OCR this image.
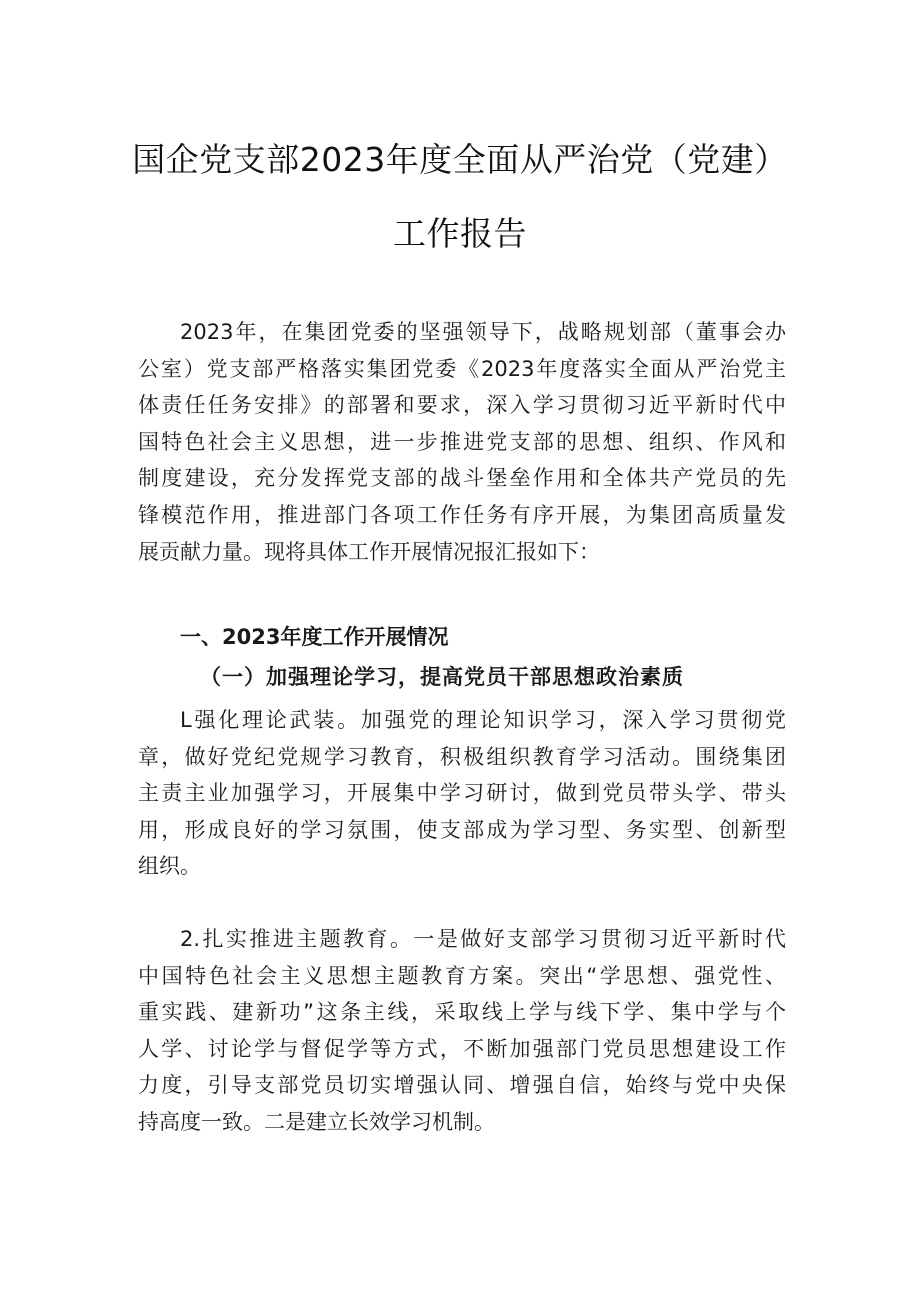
国企党支部2023年度全面从严治党（党建）
工作报告
2023年，在集团党委的坚强领导下，战略规划部（董事会办
公室）党支部严格落实集团党委《2023年度落实全面从严治党主
体责任任务安排》的部署和要求，深入学习贯彻习近平新时代中
国特色社会主义思想，进一步推进党支部的思想、组织、作风和
制度建设，充分发挥党支部的战斗堡垒作用和全体共产党员的先
锋模范作用，推进部门各项工作任务有序开展，为集团高质量发
展贡献力量。现将具体工作开展情况报汇报如下：
一、2023年度工作开展情况
（一）加强理论学习，提高党员干部思想政治素质
L强化理论武装。加强党的理论知识学习，深入学习贯彻党
章，做好党纪党规学习教育，积极组织教育学习活动。围绕集团
主责主业加强学习，开展集中学习研讨，做到党员带头学、带头
用，形成良好的学习氛围，使支部成为学习型、务实型、创新型
组织。
2.扎实推进主题教育。一是做好支部学习贯彻习近平新时代
中国特色社会主义思想主题教育方案。突出“学思想、强党性、
重实践、建新功”这条主线，采取线上学与线下学、集中学与个
人学、讨论学与督促学等方式，不断加强部门党员思想建设工作
力度，引导支部党员切实增强认同、增强自信，始终与党中央保
持高度一致。二是建立长效学习机制。
